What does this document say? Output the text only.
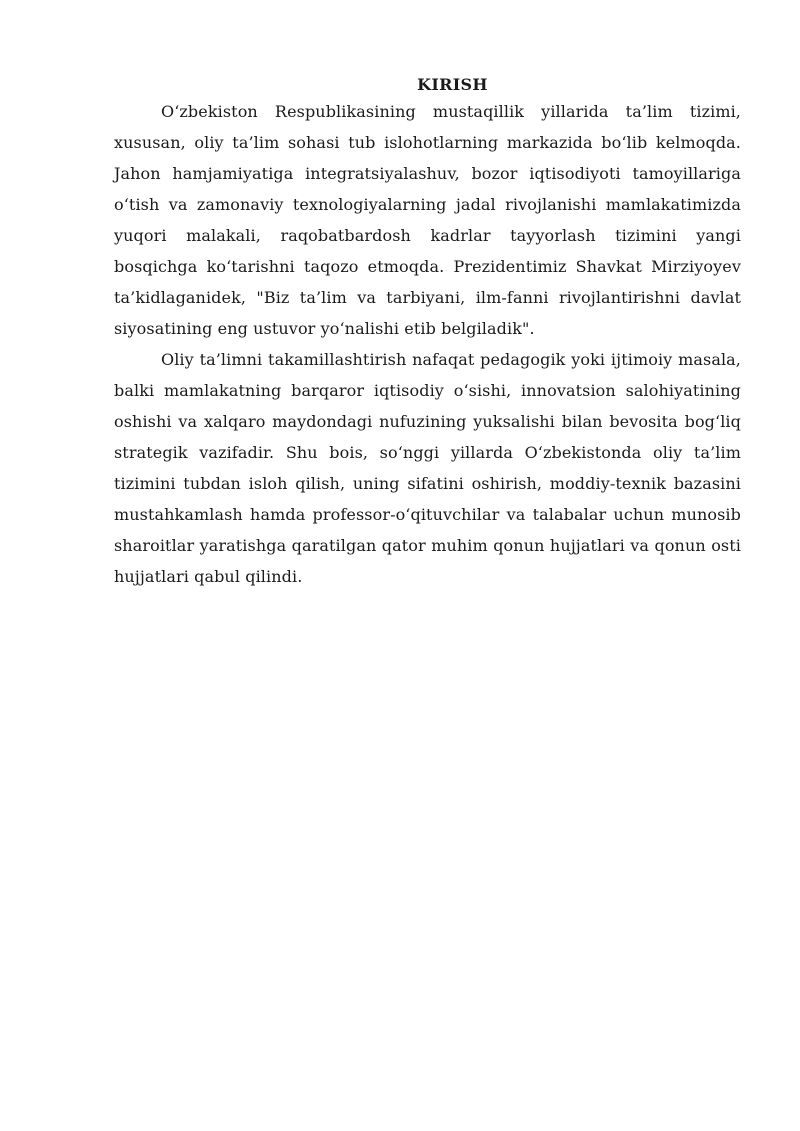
KIRISH

O‘zbekiston Respublikasining mustaqillik yillarida ta’lim tizimi, xususan, oliy ta’lim sohasi tub islohotlarning markazida bo‘lib kelmoqda. Jahon hamjamiyatiga integratsiyalashuv, bozor iqtisodiyoti tamoyillariga o‘tish va zamonaviy texnologiyalarning jadal rivojlanishi mamlakatimizda yuqori malakali, raqobatbardosh kadrlar tayyorlash tizimini yangi bosqichga ko‘tarishni taqozo etmoqda. Prezidentimiz Shavkat Mirziyoyev ta’kidlaganidek, "Biz ta’lim va tarbiyani, ilm-fanni rivojlantirishni davlat siyosatining eng ustuvor yo‘nalishi etib belgiladik".

Oliy ta’limni takamillashtirish nafaqat pedagogik yoki ijtimoiy masala, balki mamlakatning barqaror iqtisodiy o‘sishi, innovatsion salohiyatining oshishi va xalqaro maydondagi nufuzining yuksalishi bilan bevosita bog‘liq strategik vazifadir. Shu bois, so‘nggi yillarda O‘zbekistonda oliy ta’lim tizimini tubdan isloh qilish, uning sifatini oshirish, moddiy-texnik bazasini mustahkamlash hamda professor-o‘qituvchilar va talabalar uchun munosib sharoitlar yaratishga qaratilgan qator muhim qonun hujjatlari va qonun osti hujjatlari qabul qilindi.
